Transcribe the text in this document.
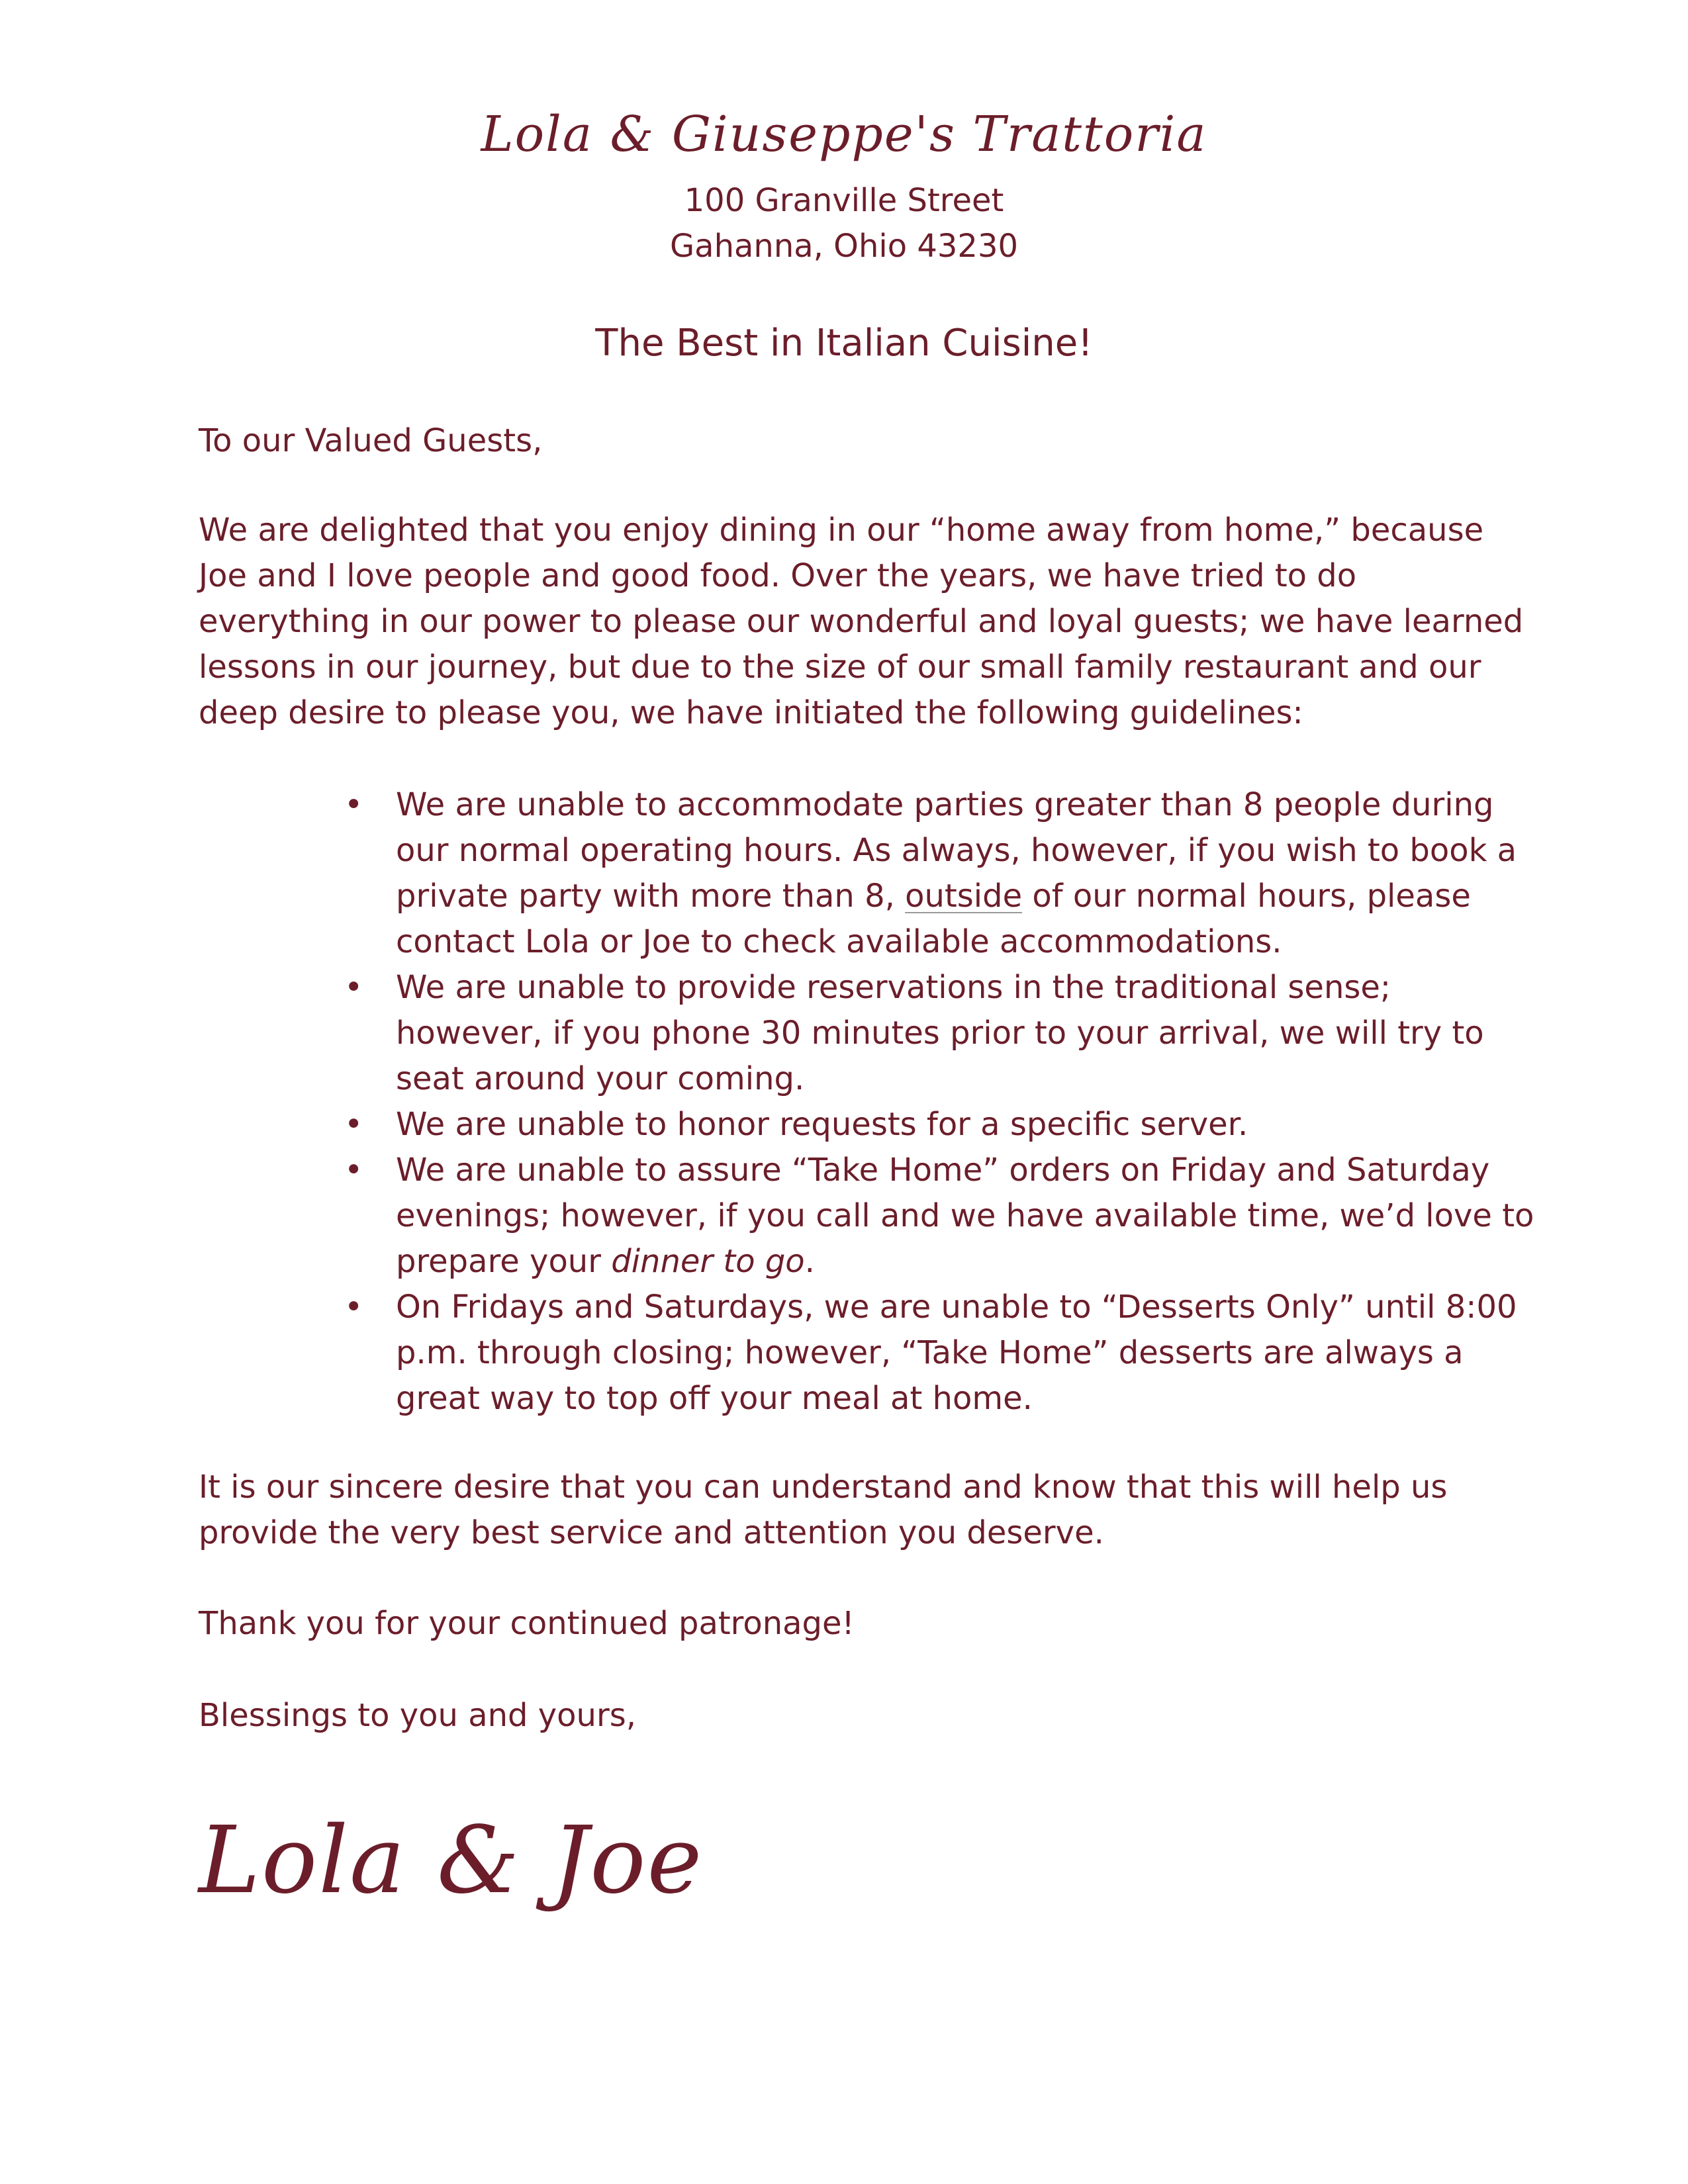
Lola & Giuseppe's Trattoria
100 Granville Street
Gahanna, Ohio 43230
The Best in Italian Cuisine!
To our Valued Guests,
We are delighted that you enjoy dining in our “home away from home,” because Joe and I love people and good food. Over the years, we have tried to do everything in our power to please our wonderful and loyal guests; we have learned lessons in our journey, but due to the size of our small family restaurant and our deep desire to please you, we have initiated the following guidelines:
• We are unable to accommodate parties greater than 8 people during our normal operating hours. As always, however, if you wish to book a private party with more than 8, outside of our normal hours, please contact Lola or Joe to check available accommodations.
• We are unable to provide reservations in the traditional sense; however, if you phone 30 minutes prior to your arrival, we will try to seat around your coming.
• We are unable to honor requests for a specific server.
• We are unable to assure “Take Home” orders on Friday and Saturday evenings; however, if you call and we have available time, we’d love to prepare your dinner to go.
• On Fridays and Saturdays, we are unable to “Desserts Only” until 8:00 p.m. through closing; however, “Take Home” desserts are always a great way to top off your meal at home.
It is our sincere desire that you can understand and know that this will help us provide the very best service and attention you deserve.
Thank you for your continued patronage!
Blessings to you and yours,
Lola & Joe
